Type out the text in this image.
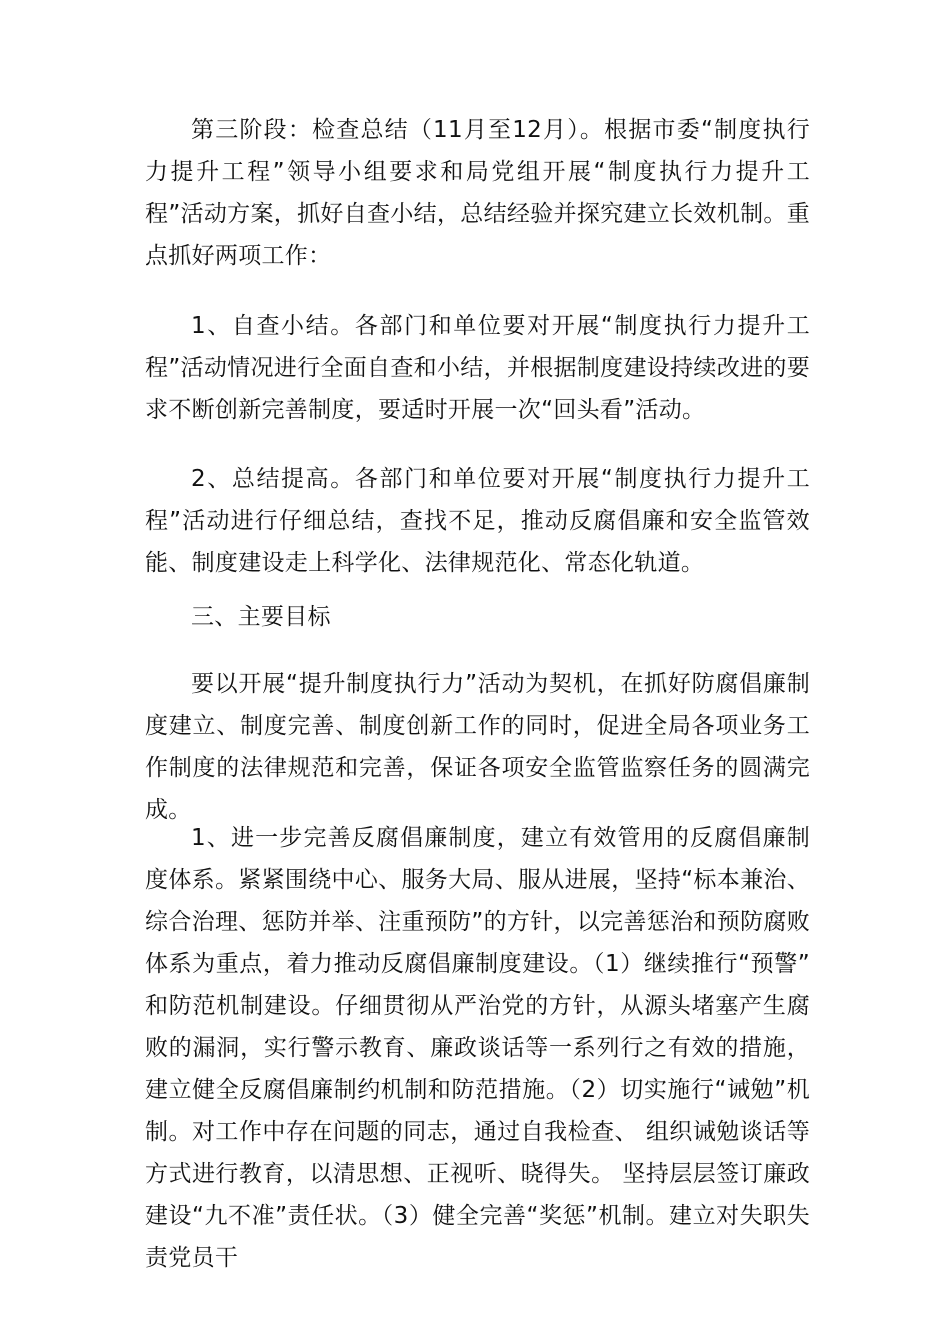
第三阶段：检查总结（11月至12月）。根据市委“制度执行力提升工程”领导小组要求和局党组开展“制度执行力提升工程”活动方案，抓好自查小结，总结经验并探究建立长效机制。重点抓好两项工作：

1、自查小结。各部门和单位要对开展“制度执行力提升工程”活动情况进行全面自查和小结，并根据制度建设持续改进的要求不断创新完善制度，要适时开展一次“回头看”活动。

2、总结提高。各部门和单位要对开展“制度执行力提升工程”活动进行仔细总结，查找不足，推动反腐倡廉和安全监管效能、制度建设走上科学化、法律规范化、常态化轨道。

三、主要目标

要以开展“提升制度执行力”活动为契机，在抓好防腐倡廉制度建立、制度完善、制度创新工作的同时，促进全局各项业务工作制度的法律规范和完善，保证各项安全监管监察任务的圆满完成。

1、进一步完善反腐倡廉制度，建立有效管用的反腐倡廉制度体系。紧紧围绕中心、服务大局、服从进展，坚持“标本兼治、综合治理、惩防并举、注重预防”的方针，以完善惩治和预防腐败体系为重点，着力推动反腐倡廉制度建设。（1）继续推行“预警” 和防范机制建设。仔细贯彻从严治党的方针，从源头堵塞产生腐败的漏洞，实行警示教育、廉政谈话等一系列行之有效的措施，建立健全反腐倡廉制约机制和防范措施。（2）切实施行“诫勉”机制。对工作中存在问题的同志，通过自我检查、 组织诫勉谈话等方式进行教育，以清思想、正视听、晓得失。 坚持层层签订廉政建设“九不准”责任状。（3）健全完善“奖惩”机制。建立对失职失责党员干
